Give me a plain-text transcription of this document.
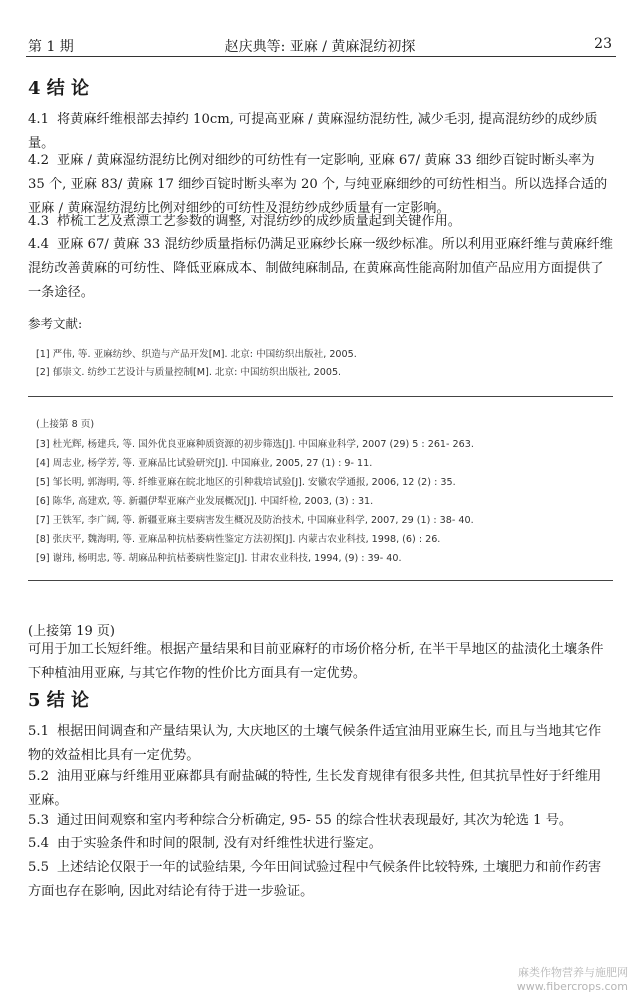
第 1 期	赵庆典等: 亚麻 / 黄麻混纺初探	23
4 结 论

4.1 将黄麻纤维根部去掉约 10cm, 可提高亚麻 / 黄麻湿纺混纺性, 减少毛羽, 提高混纺纱的成纱质量。

4.2 亚麻 / 黄麻湿纺混纺比例对细纱的可纺性有一定影响, 亚麻 67/ 黄麻 33 细纱百锭时断头率为 35 个, 亚麻 83/ 黄麻 17 细纱百锭时断头率为 20 个, 与纯亚麻细纱的可纺性相当。所以选择合适的亚麻 / 黄麻湿纺混纺比例对细纱的可纺性及混纺纱成纱质量有一定影响。

4.3 栉梳工艺及煮漂工艺参数的调整, 对混纺纱的成纱质量起到关键作用。

4.4 亚麻 67/ 黄麻 33 混纺纱质量指标仍满足亚麻纱长麻一级纱标准。所以利用亚麻纤维与黄麻纤维混纺改善黄麻的可纺性、降低亚麻成本、制做纯麻制品, 在黄麻高性能高附加值产品应用方面提供了一条途径。

参考文献:
[1] 严伟, 等. 亚麻纺纱、织造与产品开发[M]. 北京: 中国纺织出版社, 2005.
[2] 郁崇文. 纺纱工艺设计与质量控制[M]. 北京: 中国纺织出版社, 2005.
(上接第 8 页)
[3] 杜光辉, 杨建兵, 等. 国外优良亚麻种质资源的初步筛选[J]. 中国麻业科学, 2007 (29) 5 : 261- 263.
[4] 周志业, 杨学芳, 等. 亚麻品比试验研究[J]. 中国麻业, 2005, 27 (1) : 9- 11.
[5] 邹长明, 郭海明, 等. 纤维亚麻在皖北地区的引种栽培试验[J]. 安徽农学通报, 2006, 12 (2) : 35.
[6] 陈华, 高建欢, 等. 新疆伊犁亚麻产业发展概况[J]. 中国纤检, 2003, (3) : 31.
[7] 王铁军, 李广阔, 等. 新疆亚麻主要病害发生概况及防治技术, 中国麻业科学, 2007, 29 (1) : 38- 40.
[8] 张庆平, 魏海明, 等. 亚麻品种抗枯萎病性鉴定方法初探[J]. 内蒙古农业科技, 1998, (6) : 26.
[9] 谢玮, 杨明忠, 等. 胡麻品种抗枯萎病性鉴定[J]. 甘肃农业科技, 1994, (9) : 39- 40.
(上接第 19 页)

可用于加工长短纤维。根据产量结果和目前亚麻籽的市场价格分析, 在半干旱地区的盐渍化土壤条件下种植油用亚麻, 与其它作物的性价比方面具有一定优势。

5 结 论

5.1 根据田间调查和产量结果认为, 大庆地区的土壤气候条件适宜油用亚麻生长, 而且与当地其它作物的效益相比具有一定优势。

5.2 油用亚麻与纤维用亚麻都具有耐盐碱的特性, 生长发育规律有很多共性, 但其抗旱性好于纤维用亚麻。

5.3 通过田间观察和室内考种综合分析确定, 95- 55 的综合性状表现最好, 其次为轮选 1 号。

5.4 由于实验条件和时间的限制, 没有对纤维性状进行鉴定。

5.5 上述结论仅限于一年的试验结果, 今年田间试验过程中气候条件比较特殊, 土壤肥力和前作药害方面也存在影响, 因此对结论有待于进一步验证。

麻类作物营养与施肥网
www.fibercrops.com
